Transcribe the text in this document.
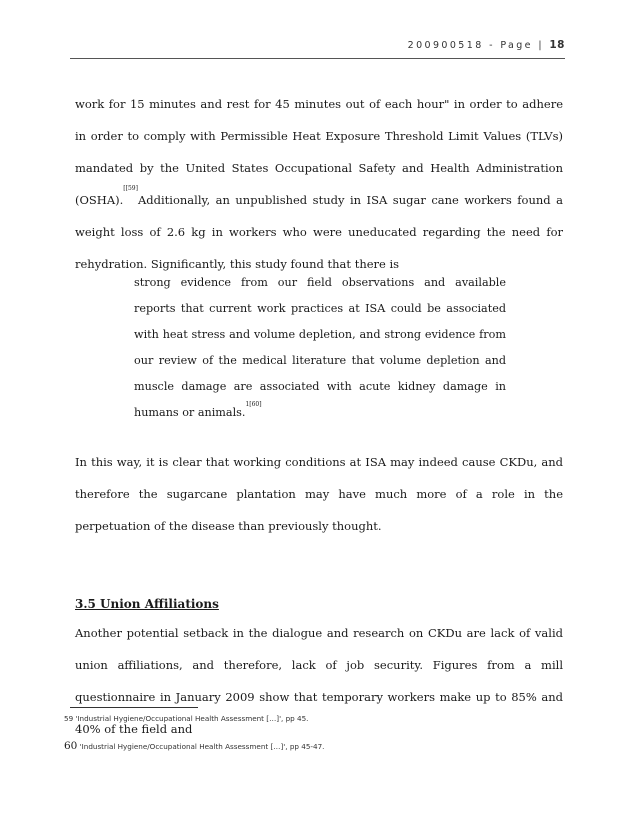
200900518 - Page | 18

work for 15 minutes and rest for 45 minutes out of each hour" in order to adhere in order to comply with Permissible Heat Exposure Threshold Limit Values (TLVs) mandated by the United States Occupational Safety and Health Administration (OSHA).[[59]Additionally, an unpublished study in ISA sugar cane workers found a weight loss of 2.6 kg in workers who were uneducated regarding the need for rehydration. Significantly, this study found that there is

strong evidence from our field observations and available reports that current work practices at ISA could be associated with heat stress and volume depletion, and strong evidence from our review of the medical literature that volume depletion and muscle damage are associated with acute kidney damage in humans or animals.$^{1[60]}$

In this way, it is clear that working conditions at ISA may indeed cause CKDu, and therefore the sugarcane plantation may have much more of a role in the perpetuation of the disease than previously thought.

3.5 Union Affiliations

Another potential setback in the dialogue and research on CKDu are lack of valid union affiliations, and therefore, lack of job security. Figures from a mill questionnaire in January 2009 show that temporary workers make up to 85% and 40% of the field and

59 'Industrial Hygiene/Occupational Health Assessment […]', pp 45.

60 'Industrial Hygiene/Occupational Health Assessment […]', pp 45-47.
